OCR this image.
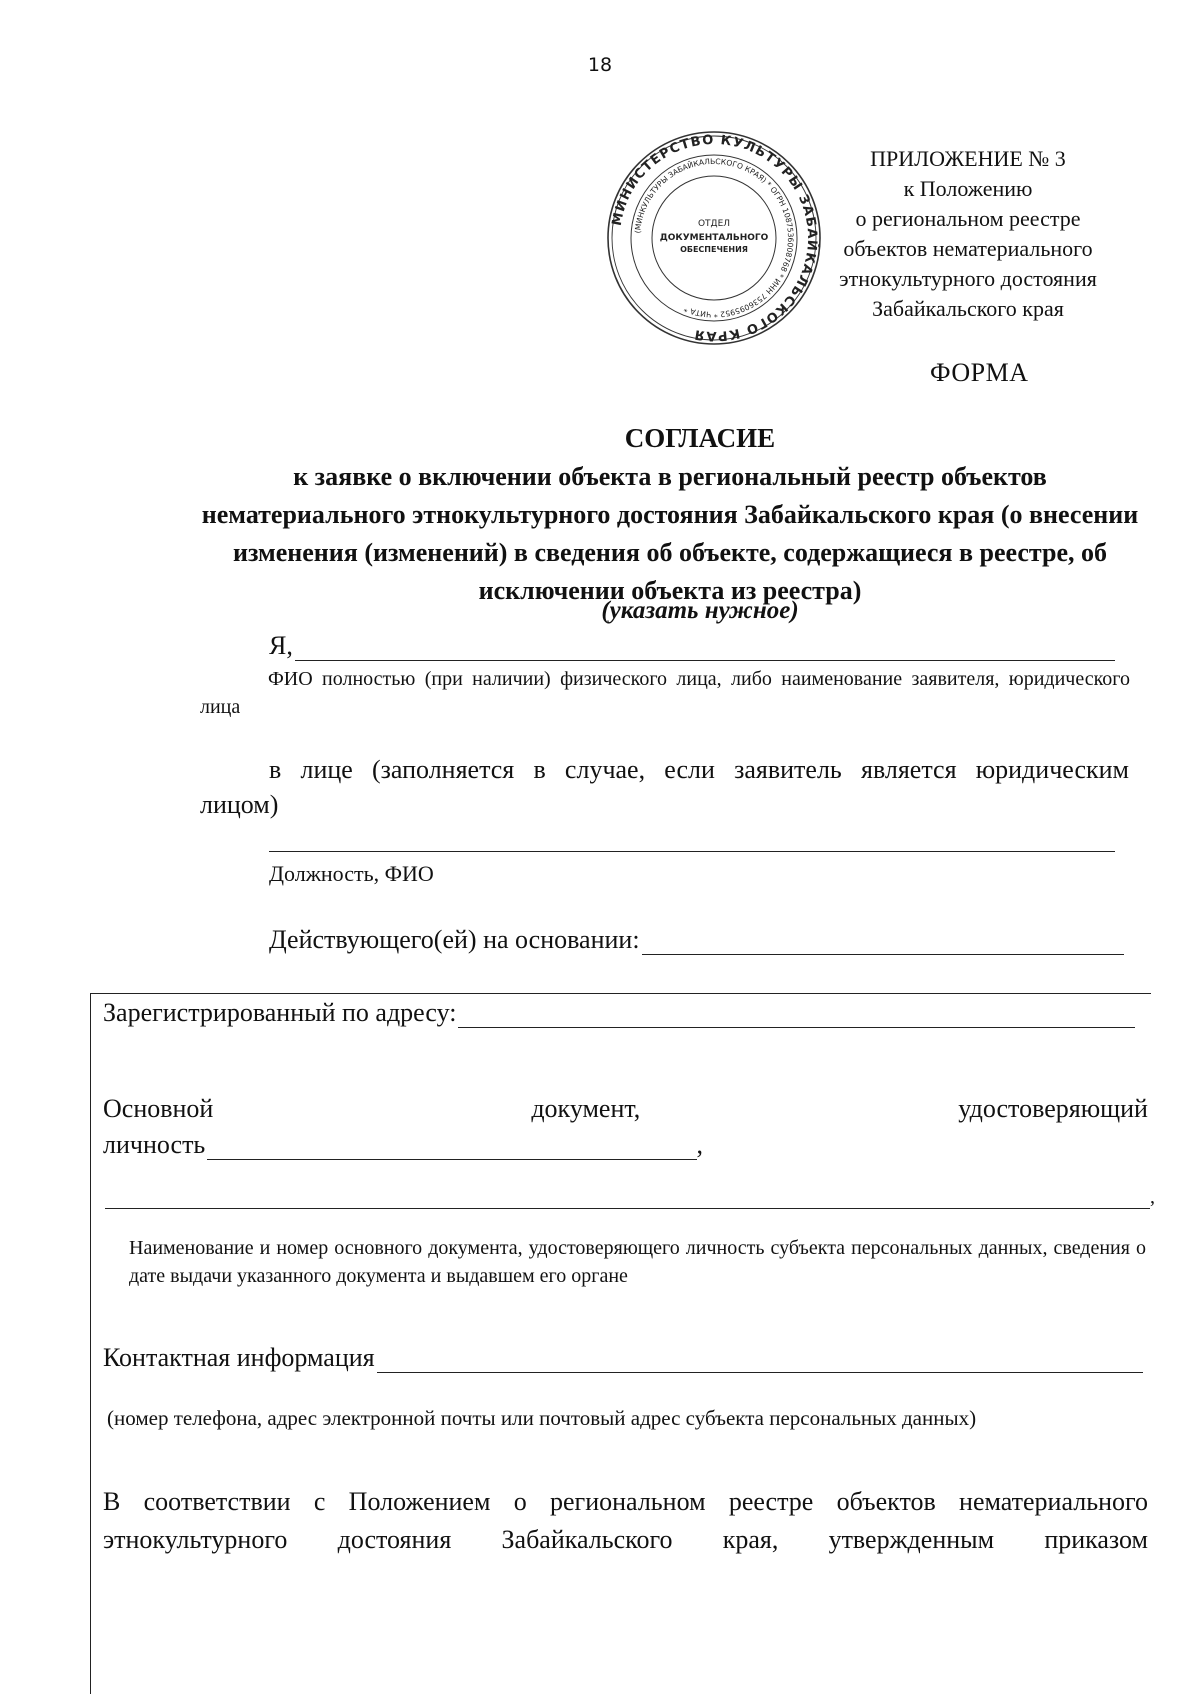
18
МИНИСТЕРСТВО КУЛЬТУРЫ ЗАБАЙКАЛЬСКОГО КРАЯ
(МИНКУЛЬТУРЫ ЗАБАЙКАЛЬСКОГО КРАЯ) * ОГРН 1087536008768 * ИНН 7536095952 * ЧИТА *
ОТДЕЛ
ДОКУМЕНТАЛЬНОГО
ОБЕСПЕЧЕНИЯ
ПРИЛОЖЕНИЕ № 3
к Положению
о региональном реестре
объектов нематериального
этнокультурного достояния
Забайкальского края
ФОРМА
СОГЛАСИЕ
к заявке о включении объекта в региональный реестр объектов нематериального этнокультурного достояния Забайкальского края (о внесении изменения (изменений) в сведения об объекте, содержащиеся в реестре, об исключении объекта из реестра)
(указать нужное)
Я,
ФИО полностью (при наличии) физического лица, либо наименование заявителя, юридического лица
в лице (заполняется в случае, если заявитель является юридическим
лицом)
Должность, ФИО
Действующего(ей) на основании:
Зарегистрированный по адресу:
Основной	документ,	удостоверяющий
личность	,
,
Наименование и номер основного документа, удостоверяющего личность субъекта персональных данных, сведения о дате выдачи указанного документа и выдавшем его органе
Контактная информация
(номер телефона, адрес электронной почты или почтовый адрес субъекта персональных данных)
В соответствии с Положением о региональном реестре объектов нематериального
этнокультурного достояния Забайкальского края, утвержденным приказом
